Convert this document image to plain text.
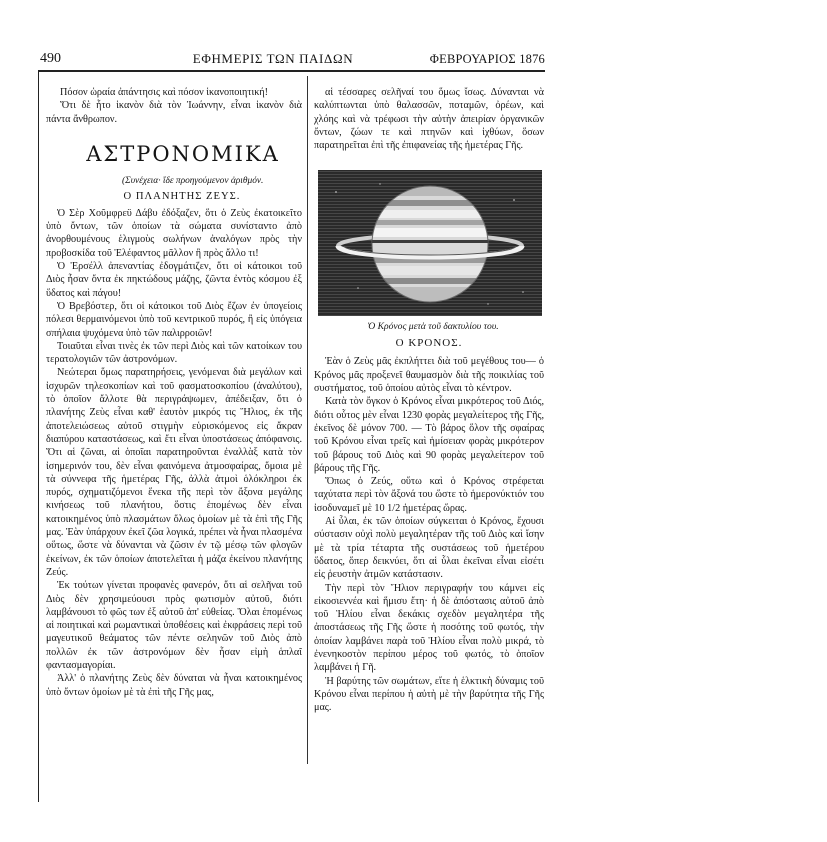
490	ΕΦΗΜΕΡΙΣ ΤΩΝ ΠΑΙΔΩΝ	ΦΕΒΡΟΥΑΡΙΟΣ 1876

Πόσον ὡραία ἀπάντησις καὶ πόσον ἱκανοποιητική!

Ὅτι δὲ ἦτο ἱκανὸν διὰ τὸν Ἰωάννην, εἶναι ἱκανὸν διὰ πάντα ἄνθρωπον.

ΑΣΤΡΟΝΟΜΙΚΑ
(Συνέχεια· ἴδε προηγούμενον ἀριθμόν.
Ο ΠΛΑΝΗΤΗΣ ΖΕΥΣ.

Ὁ Σὲρ Χοῦμφρεϋ Δάβυ ἐδόξαζεν, ὅτι ὁ Ζεὺς ἐκατοικεῖτο ὑπὸ ὄντων, τῶν ὁποίων τὰ σώματα συνίσταντο ἀπὸ ἀνορθουμένους ἑλιγμοὺς σωλήνων ἀναλόγων πρὸς τὴν προβοσκίδα τοῦ Ἐλέφαντος μᾶλλον ἢ πρὸς ἄλλο τι!

Ὁ Ἐρσέλλ ἀπεναντίας ἐδογμάτιζεν, ὅτι οἱ κάτοικοι τοῦ Διὸς ἦσαν ὄντα ἐκ πηκτώδους μάζης, ζῶντα ἐντὸς κόσμου ἐξ ὕδατος καὶ πάγου!

Ὁ Βρεβόστερ, ὅτι οἱ κάτοικοι τοῦ Διὸς ἔζων ἐν ὑπογείοις πόλεσι θερμαινόμενοι ὑπὸ τοῦ κεντρικοῦ πυρός, ἢ εἰς ὑπόγεια σπήλαια ψυχόμενα ὑπὸ τῶν παλιρροιῶν!

Τοιαῦται εἶναι τινὲς ἐκ τῶν περὶ Διὸς καὶ τῶν κατοίκων του τερατολογιῶν τῶν ἀστρονόμων.

Νεώτεραι ὅμως παρατηρήσεις, γενόμεναι διὰ μεγάλων καὶ ἰσχυρῶν τηλεσκοπίων καὶ τοῦ φασματοσκοπίου (ἀναλύτου), τὸ ὁποῖον ἄλλοτε θὰ περιγράψωμεν, ἀπέδειξαν, ὅτι ὁ πλανήτης Ζεὺς εἶναι καθ' ἑαυτὸν μικρός τις Ἥλιος, ἐκ τῆς ἀποτελειώσεως αὐτοῦ στιγμὴν εὑρισκόμενος εἰς ἄκραν διαπύρου καταστάσεως, καὶ ἔτι εἶναι ὑποστάσεως ἀπόφανσις. Ὅτι αἱ ζῶναι, αἱ ὁποῖαι παρατηροῦνται ἐναλλὰξ κατὰ τὸν ἰσημερινόν του, δὲν εἶναι φαινόμενα ἀτμοσφαίρας, ὅμοια μὲ τὰ σύννεφα τῆς ἡμετέρας Γῆς, ἀλλὰ ἀτμοὶ ὁλόκληροι ἐκ πυρός, σχηματιζόμενοι ἕνεκα τῆς περὶ τὸν ἄξονα μεγάλης κινήσεως τοῦ πλανήτου, ὅστις ἑπομένως δὲν εἶναι κατοικημένος ὑπὸ πλασμάτων ὅλως ὁμοίων μὲ τὰ ἐπὶ τῆς Γῆς μας. Ἐὰν ὑπάρχουν ἐκεῖ ζῶα λογικά, πρέπει νὰ ἦναι πλασμένα οὕτως, ὥστε νὰ δύνανται νὰ ζῶσιν ἐν τῷ μέσῳ τῶν φλογῶν ἐκείνων, ἐκ τῶν ὁποίων ἀποτελεῖται ἡ μάζα ἐκείνου πλανήτης Ζεύς.

Ἐκ τούτων γίνεται προφανὲς φανερόν, ὅτι αἱ σελῆναι τοῦ Διὸς δὲν χρησιμεύουσι πρὸς φωτισμὸν αὐτοῦ, διότι λαμβάνουσι τὸ φῶς των ἐξ αὐτοῦ ἀπ' εὐθείας. Ὅλαι ἑπομένως αἱ ποιητικαὶ καὶ ρωμαντικαὶ ὑποθέσεις καὶ ἐκφράσεις περὶ τοῦ μαγευτικοῦ θεάματος τῶν πέντε σεληνῶν τοῦ Διὸς ἀπὸ πολλῶν ἐκ τῶν ἀστρονόμων δὲν ἦσαν εἰμὴ ἁπλαῖ φαντασμαγορίαι.

Ἀλλ' ὁ πλανήτης Ζεὺς δὲν δύναται νὰ ἦναι κατοικημένος ὑπὸ ὄντων ὁμοίων μὲ τὰ ἐπὶ τῆς Γῆς μας,

αἱ τέσσαρες σελῆναί του ὅμως ἴσως. Δύνανται νὰ καλύπτωνται ὑπὸ θαλασσῶν, ποταμῶν, ὀρέων, καὶ χλόης καὶ νὰ τρέφωσι τὴν αὐτὴν ἀπειρίαν ὀργανικῶν ὄντων, ζώων τε καὶ πτηνῶν καὶ ἰχθύων, ὅσων παρατηρεῖται ἐπὶ τῆς ἐπιφανείας τῆς ἡμετέρας Γῆς.

Ὁ Κρόνος μετὰ τοῦ δακτυλίου του.
Ο ΚΡΟΝΟΣ.

Ἐὰν ὁ Ζεὺς μᾶς ἐκπλήττει διὰ τοῦ μεγέθους του— ὁ Κρόνος μᾶς προξενεῖ θαυμασμὸν διὰ τῆς ποικιλίας τοῦ συστήματος, τοῦ ὁποίου αὐτὸς εἶναι τὸ κέντρον.

Κατὰ τὸν ὄγκον ὁ Κρόνος εἶναι μικρότερος τοῦ Διός, διότι οὗτος μὲν εἶναι 1230 φορὰς μεγαλείτερος τῆς Γῆς, ἐκεῖνος δὲ μόνον 700. — Τὸ βάρος ὅλον τῆς σφαίρας τοῦ Κρόνου εἶναι τρεῖς καὶ ἡμίσειαν φορὰς μικρότερον τοῦ βάρους τοῦ Διὸς καὶ 90 φορὰς μεγαλείτερον τοῦ βάρους τῆς Γῆς.

Ὅπως ὁ Ζεύς, οὕτω καὶ ὁ Κρόνος στρέφεται ταχύτατα περὶ τὸν ἄξονά του ὥστε τὸ ἡμερονύκτιόν του ἰσοδυναμεῖ μὲ 10 1/2 ἡμετέρας ὥρας.

Αἱ ὗλαι, ἐκ τῶν ὁποίων σύγκειται ὁ Κρόνος, ἔχουσι σύστασιν οὐχὶ πολὺ μεγαλητέραν τῆς τοῦ Διὸς καὶ ἴσην μὲ τὰ τρία τέταρτα τῆς συστάσεως τοῦ ἡμετέρου ὕδατος, ὅπερ δεικνύει, ὅτι αἱ ὗλαι ἐκεῖναι εἶναι εἰσέτι εἰς ῥευστὴν ἀτμῶν κατάστασιν.

Τὴν περὶ τὸν Ἥλιον περιγραφήν του κάμνει εἰς εἰκοσιεννέα καὶ ἥμισυ ἔτη· ἡ δὲ ἀπόστασις αὐτοῦ ἀπὸ τοῦ Ἡλίου εἶναι δεκάκις σχεδὸν μεγαλητέρα τῆς ἀποστάσεως τῆς Γῆς ὥστε ἡ ποσότης τοῦ φωτός, τὴν ὁποίαν λαμβάνει παρὰ τοῦ Ἡλίου εἶναι πολὺ μικρά, τὸ ἐνενηκοστὸν περίπου μέρος τοῦ φωτός, τὸ ὁποῖον λαμβάνει ἡ Γῆ.

Ἡ βαρύτης τῶν σωμάτων, εἴτε ἡ ἑλκτικὴ δύναμις τοῦ Κρόνου εἶναι περίπου ἡ αὐτὴ μὲ τὴν βαρύτητα τῆς Γῆς μας.
